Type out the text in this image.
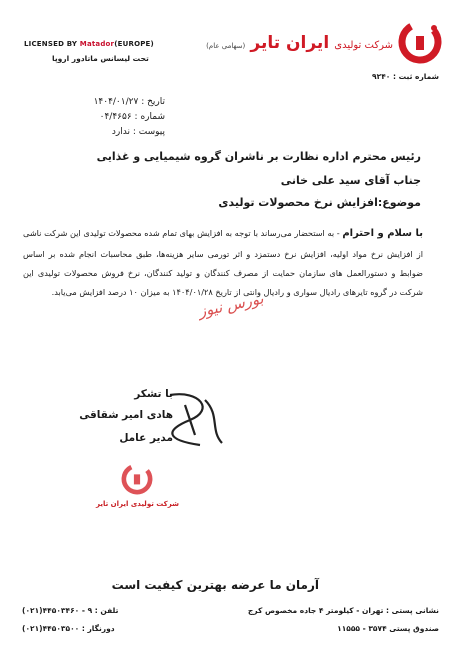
LICENSED BY Matador(EUROPE)
تحت لیسانس ماتادور اروپا
شرکت تولیدی ایران تایر (سهامی عام)
شماره ثبت : ۹۲۴۰
تاریخ : ۱۴۰۴/۰۱/۲۷
شماره : ۰۴/۴۶۵۶
پیوست : ندارد
رئیس محترم اداره نظارت بر ناشران گروه شیمیایی و غذایی
جناب آقای سید علی خانی
موضوع:افزایش نرخ محصولات تولیدی
با سلام و احترام - به استحضار می‌رساند با توجه به افزایش بهای تمام شده محصولات تولیدی این شرکت ناشی از افزایش نرخ مواد اولیه، افزایش نرخ دستمزد و اثر تورمی سایر هزینه‌ها، طبق محاسبات انجام شده بر اساس ضوابط و دستورالعمل های سازمان حمایت از مصرف کنندگان و تولید کنندگان، نرخ فروش محصولات تولیدی این شرکت در گروه تایرهای رادیال سواری و رادیال وانتی از تاریخ ۱۴۰۴/۰۱/۲۸ به میزان ۱۰ درصد افزایش می‌یابد.
بورس نیوز
با تشکر
هادی امیر شقاقی
مدیر عامل
شرکت تولیدی ایران تایر
آرمان ما عرضه بهترین کیفیت است
نشانی پستی : تهران - کیلومتر ۴ جاده مخصوص کرج
صندوق پستی ۳۵۷۴ - ۱۱۵۵۵
تلفن : ۹ - ۴۴۵۰۳۴۶۰(۰۲۱)
دورنگار : ۴۴۵۰۳۵۰۰(۰۲۱)
